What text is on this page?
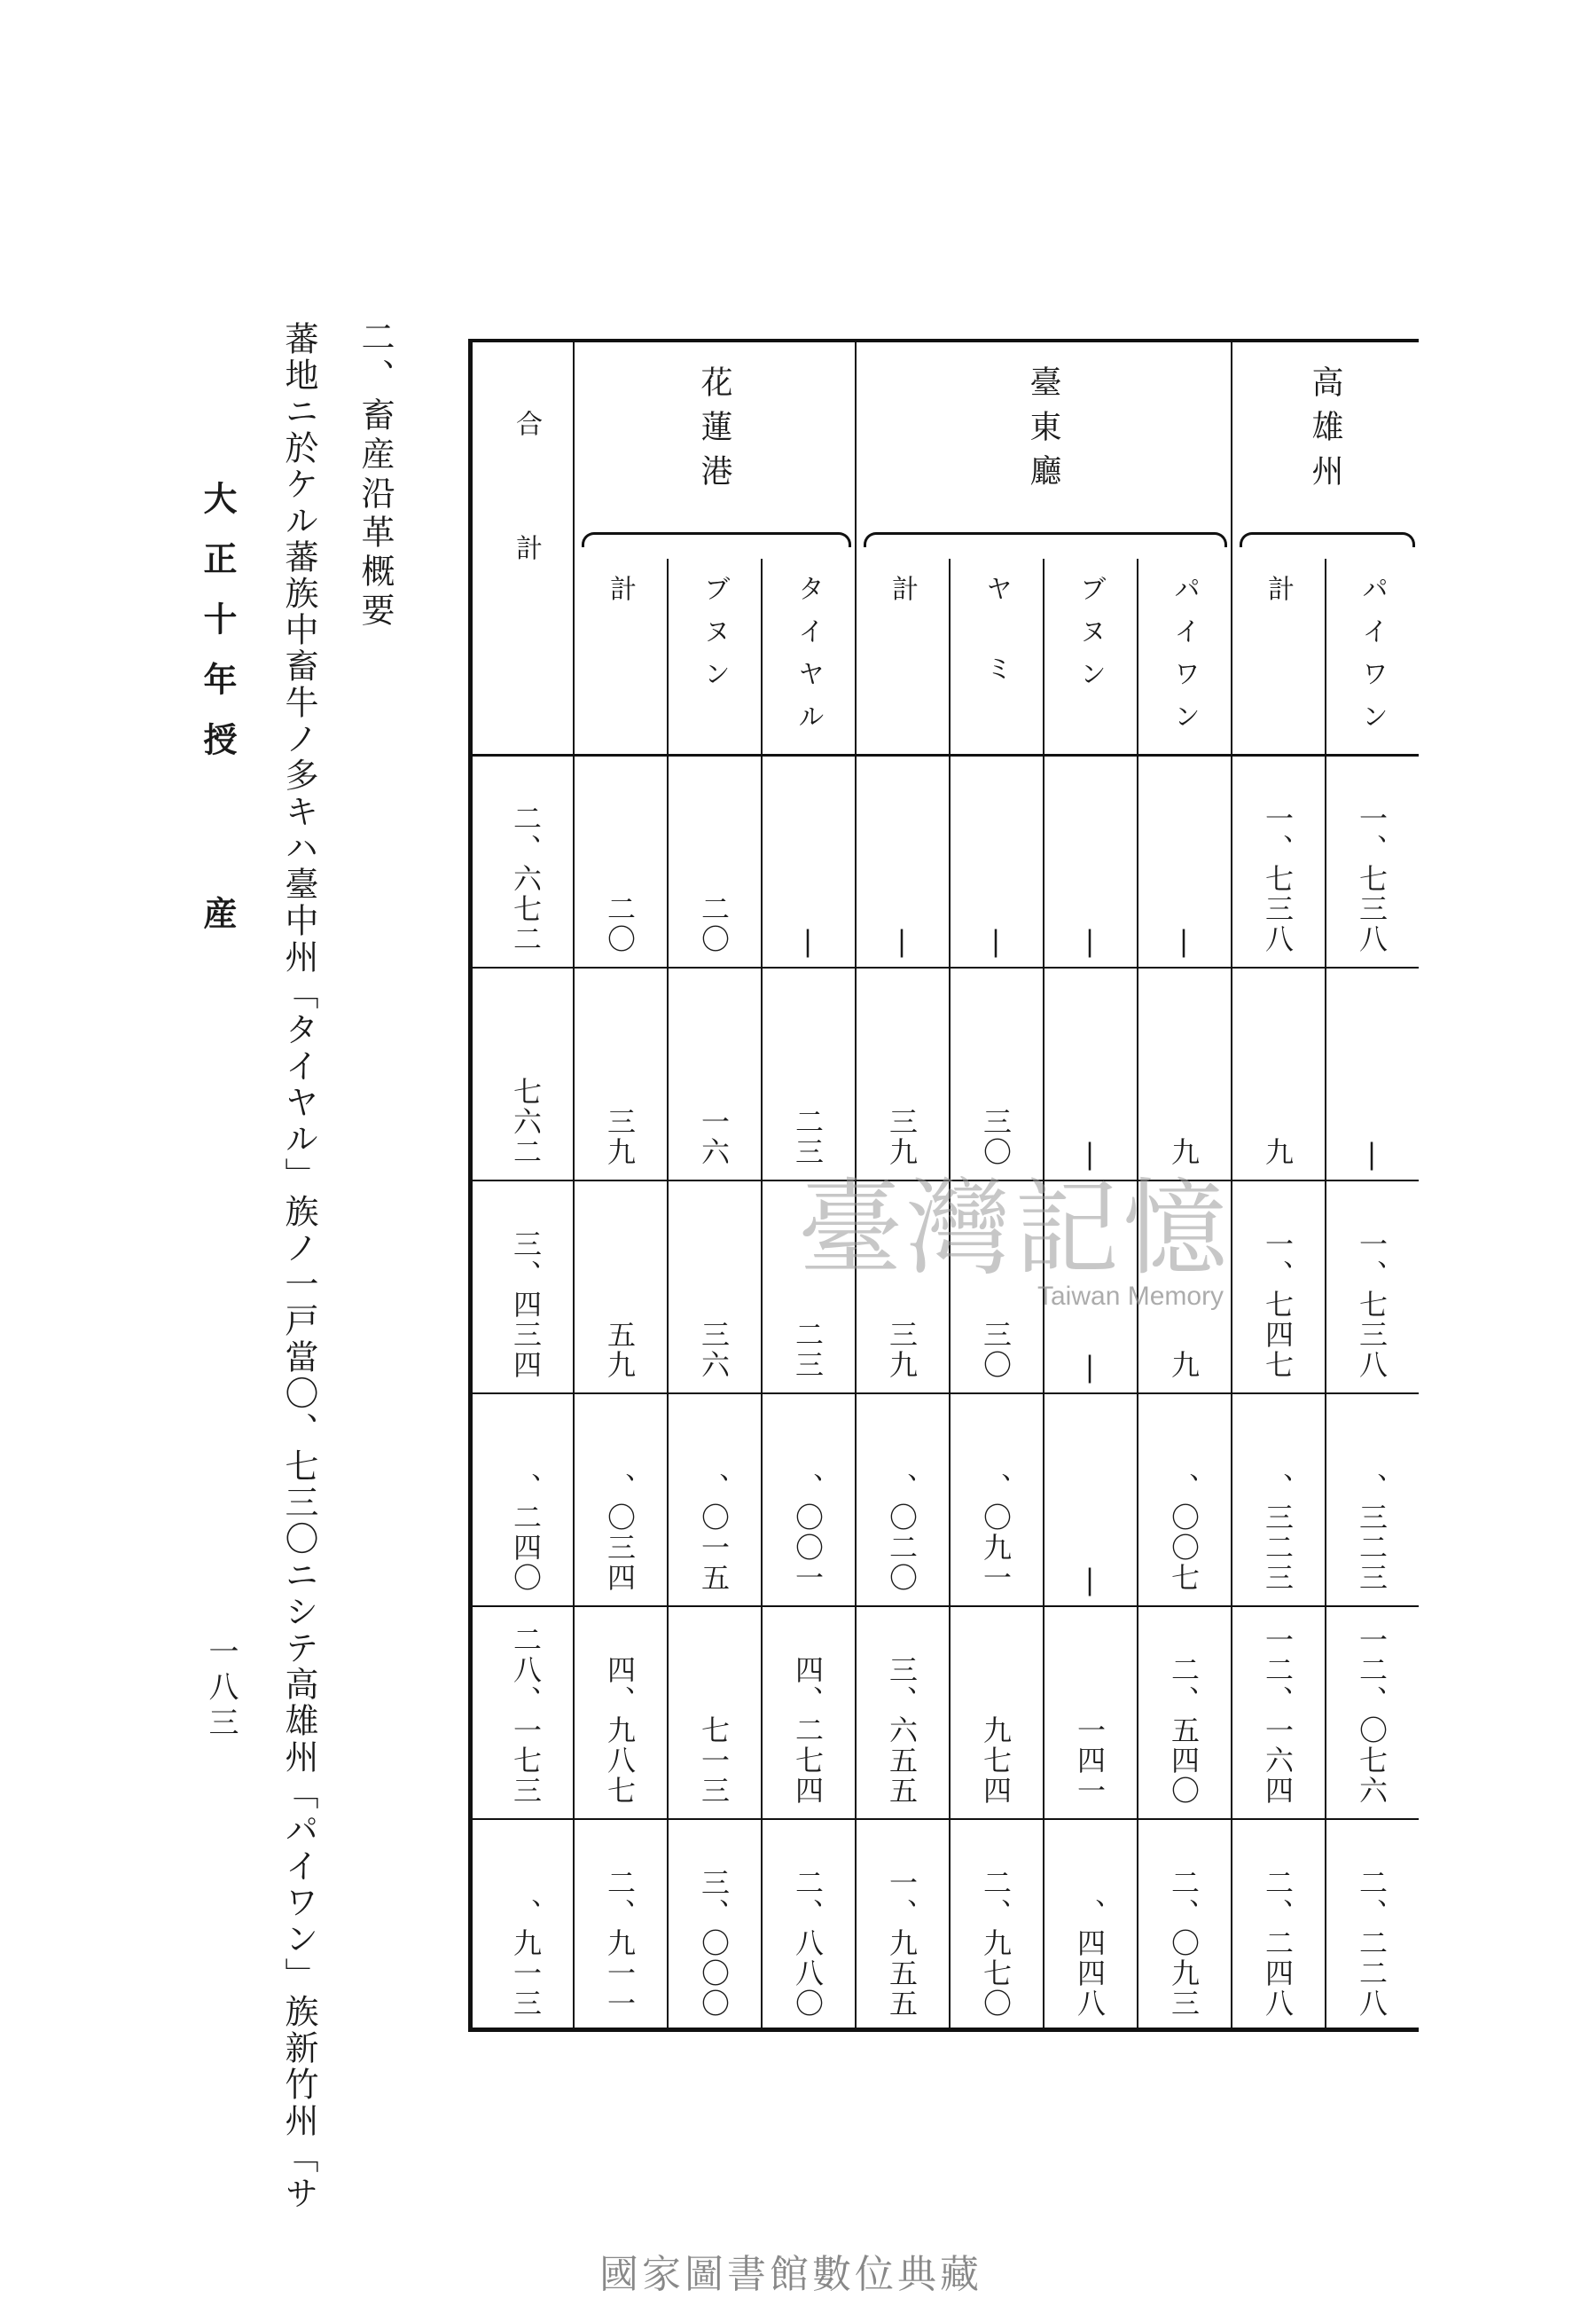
二、畜産沿革概要
蕃地ニ於ケル蕃族中畜牛ノ多キハ臺中州「タイヤル」族ノ一戸當〇、七三〇ニシテ高雄州「パイワン」族新竹州「サ
大正十年授
産
一八三
高雄州
臺東廳
花蓮港
パイワン
計
パイワン
ブヌン
ヤミ
計
タイヤル
ブヌン
計
合計
一、七三八
一、七三八
|
|
|
|
|
二〇
二〇
二、六七二
|
九
九
|
三〇
三九
二三
一六
三九
七六二
一、七三八
一、七四七
九
|
三〇
三九
二三
三六
五九
三、四三四
、三二三
、三二三
、〇〇七
|
、〇九一
、〇二〇
、〇〇一
、〇一五
、〇三四
、二四〇
一二、〇七六
一二、一六四
二、五四〇
一四一
九七四
三、六五五
四、二七四
七一三
四、九八七
二八、一七三
二、二二八
二、二四八
二、〇九三
、四四八
二、九七〇
一、九五五
二、八八〇
三、〇〇〇
二、九一一
、九一三
臺灣記憶
Taiwan Memory
國家圖書館數位典藏
